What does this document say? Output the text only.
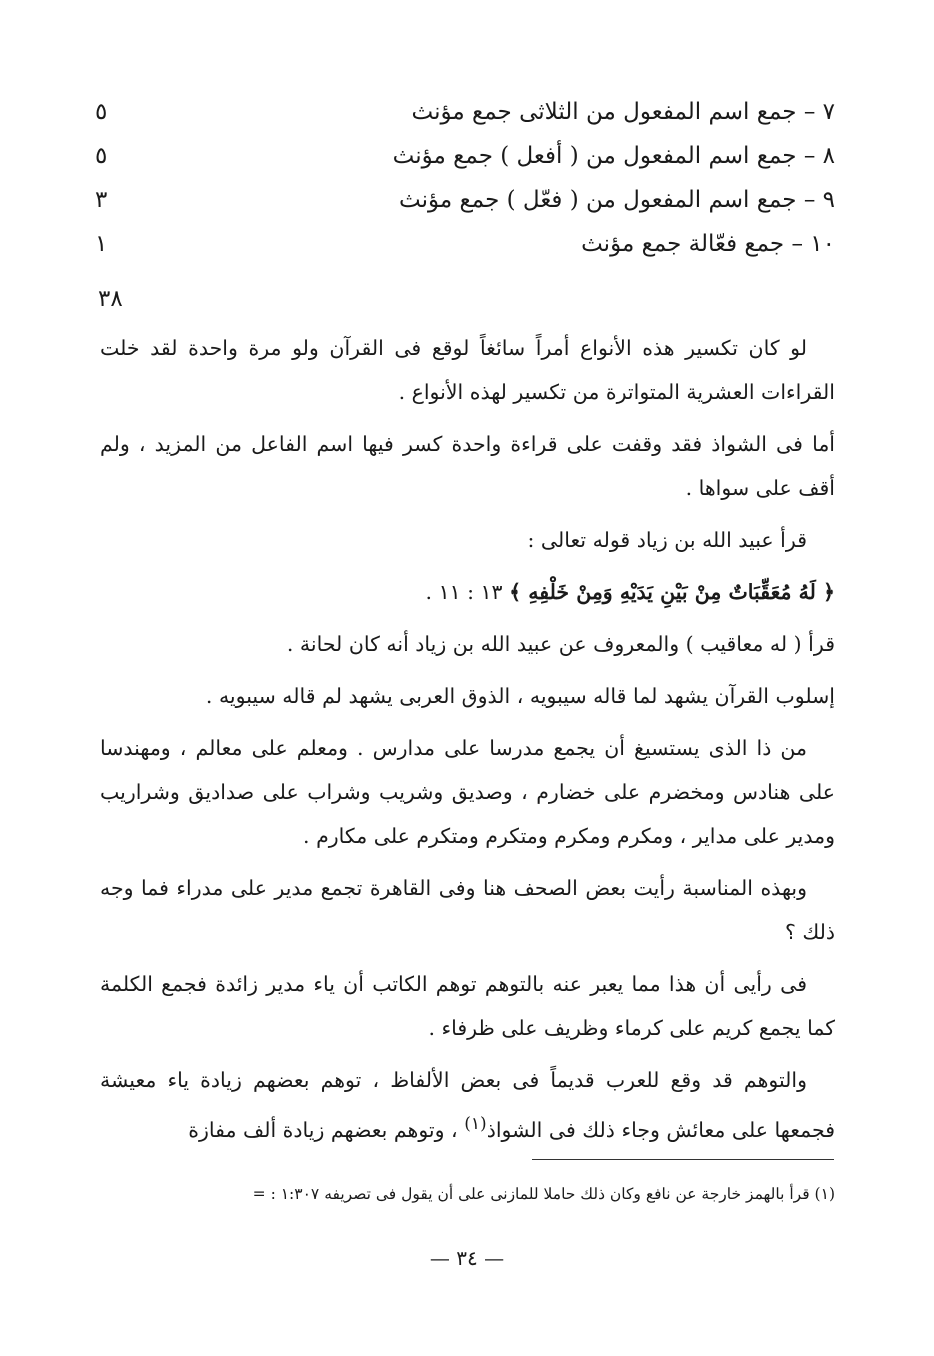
٧ – جمع اسم المفعول من الثلاثى جمع مؤنث
٥
٨ – جمع اسم المفعول من ( أفعل ) جمع مؤنث
٥
٩ – جمع اسم المفعول من ( فعّل ) جمع مؤنث
٣
١٠ – جمع فعّالة جمع مؤنث
١
٣٨

لو كان تكسير هذه الأنواع أمراً سائغاً لوقع فى القرآن ولو مرة واحدة لقد خلت القراءات العشرية المتواترة من تكسير لهذه الأنواع .

أما فى الشواذ فقد وقفت على قراءة واحدة كسر فيها اسم الفاعل من المزيد ، ولم أقف على سواها .

قرأ عبيد الله بن زياد قوله تعالى :

﴿ لَهُ مُعَقِّبَاتٌ مِنْ بَيْنِ يَدَيْهِ وَمِنْ خَلْفِهِ ﴾ ١٣ : ١١ .

قرأ ( له معاقيب ) والمعروف عن عبيد الله بن زياد أنه كان لحانة .

إسلوب القرآن يشهد لما قاله سيبويه ، الذوق العربى يشهد لم قاله سيبويه .

من ذا الذى يستسيغ أن يجمع مدرسا على مدارس . ومعلم على معالم ، ومهندسا على هنادس ومخضرم على خضارم ، وصديق وشريب وشراب على صداديق وشراريب ومدير على مداير ، ومكرم ومكرم ومتكرم ومتكرم على مكارم .

وبهذه المناسبة رأيت بعض الصحف هنا وفى القاهرة تجمع مدير على مدراء فما وجه ذلك ؟

فى رأيى أن هذا مما يعبر عنه بالتوهم توهم الكاتب أن ياء مدير زائدة فجمع الكلمة كما يجمع كريم على كرماء وظريف على ظرفاء .

والتوهم قد وقع للعرب قديماً فى بعض الألفاظ ، توهم بعضهم زيادة ياء معيشة فجمعها على معائش وجاء ذلك فى الشواذ$^{(١)}$ ، وتوهم بعضهم زيادة ألف مفازة

(١) قرأ بالهمز خارجة عن نافع وكان ذلك حاملا للمازنى على أن يقول فى تصريفه ١:٣٠٧ : =
— ٣٤ —
